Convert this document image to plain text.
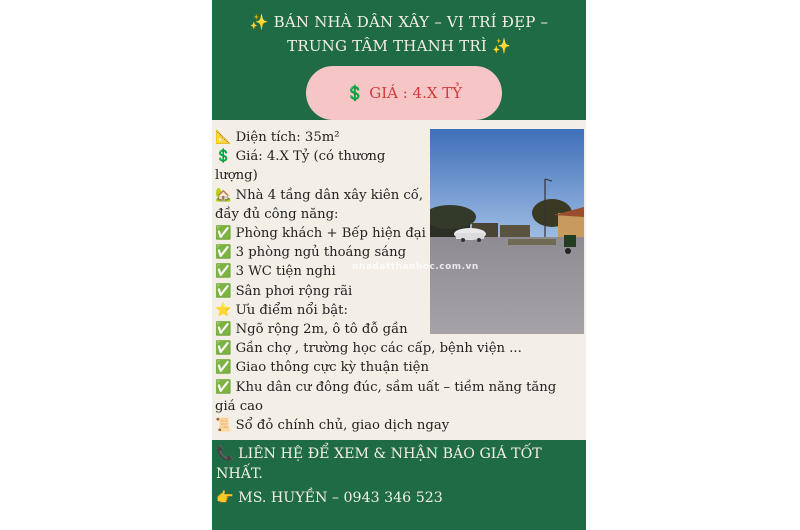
✨ BÁN NHÀ DÂN XÂY – VỊ TRÍ ĐẸP – TRUNG TÂM THANH TRÌ ✨
💲 GIÁ : 4.X TỶ
📐 Diện tích: 35m²
💲 Giá: 4.X Tỷ (có thương lượng)
🏡 Nhà 4 tầng dân xây kiên cố, đầy đủ công năng:
✅ Phòng khách + Bếp hiện đại
✅ 3 phòng ngủ thoáng sáng
✅ 3 WC tiện nghi
✅ Sân phơi rộng rãi
⭐ Ưu điểm nổi bật:
✅ Ngõ rộng 2m, ô tô đỗ gần
✅ Gần chợ , trường học các cấp, bệnh viện ...
✅ Giao thông cực kỳ thuận tiện
✅ Khu dân cư đông đúc, sầm uất – tiềm năng tăng giá cao
📜 Sổ đỏ chính chủ, giao dịch ngay
nhadatthanhoc.com.vn
📞 LIÊN HỆ ĐỂ XEM & NHẬN BÁO GIÁ TỐT NHẤT.
👉 MS. HUYỀN – 0943 346 523
